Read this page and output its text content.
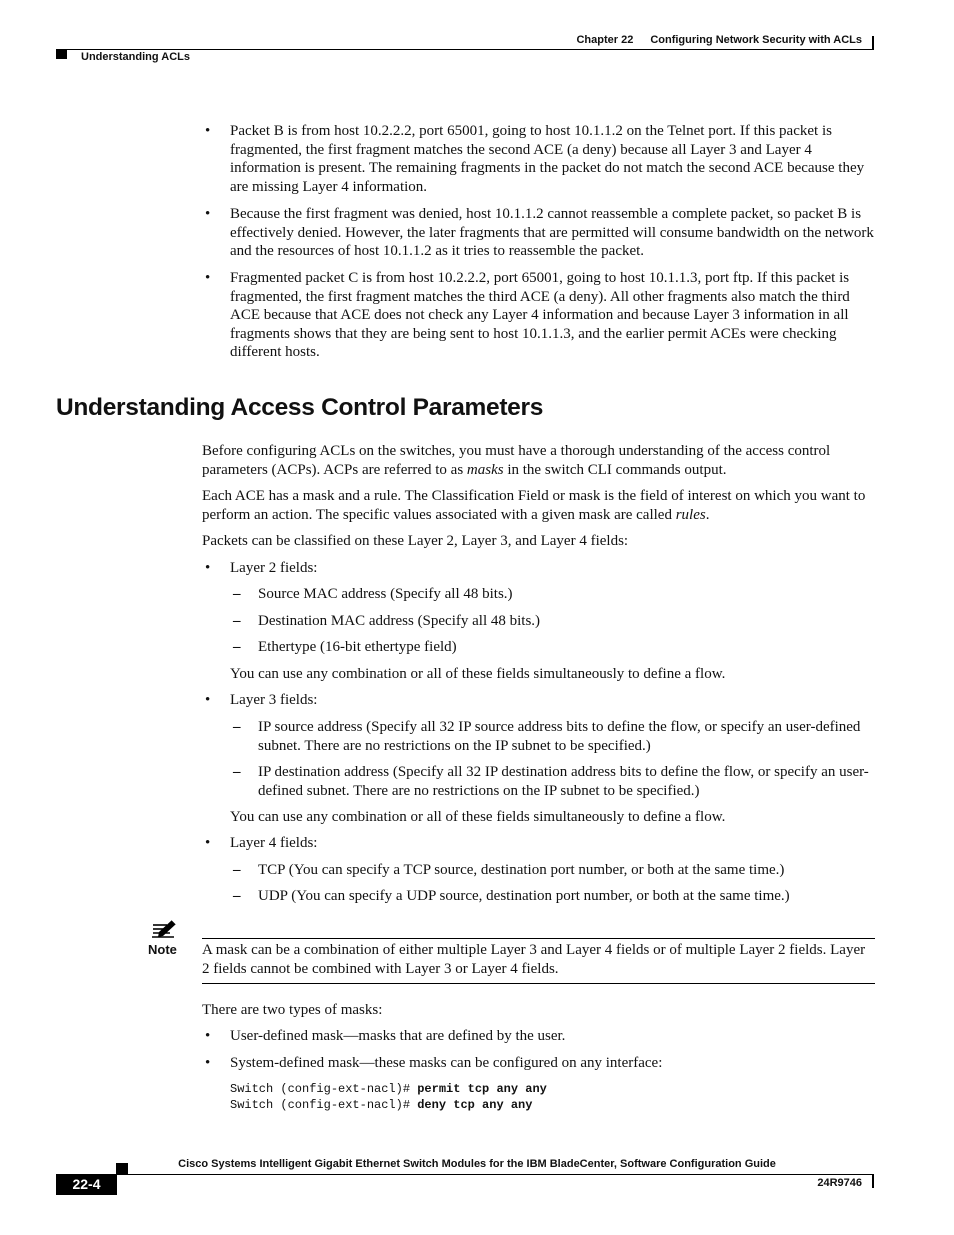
Chapter 22 Configuring Network Security with ACLs
Understanding ACLs
•	Packet B is from host 10.2.2.2, port 65001, going to host 10.1.1.2 on the Telnet port. If this packet is fragmented, the first fragment matches the second ACE (a deny) because all Layer 3 and Layer 4 information is present. The remaining fragments in the packet do not match the second ACE because they are missing Layer 4 information.
•	Because the first fragment was denied, host 10.1.1.2 cannot reassemble a complete packet, so packet B is effectively denied. However, the later fragments that are permitted will consume bandwidth on the network and the resources of host 10.1.1.2 as it tries to reassemble the packet.
•	Fragmented packet C is from host 10.2.2.2, port 65001, going to host 10.1.1.3, port ftp. If this packet is fragmented, the first fragment matches the third ACE (a deny). All other fragments also match the third ACE because that ACE does not check any Layer 4 information and because Layer 3 information in all fragments shows that they are being sent to host 10.1.1.3, and the earlier permit ACEs were checking different hosts.
Understanding Access Control Parameters

Before configuring ACLs on the switches, you must have a thorough understanding of the access control parameters (ACPs). ACPs are referred to as masks in the switch CLI commands output.

Each ACE has a mask and a rule. The Classification Field or mask is the field of interest on which you want to perform an action. The specific values associated with a given mask are called rules.

Packets can be classified on these Layer 2, Layer 3, and Layer 4 fields:

•	Layer 2 fields:
– Source MAC address (Specify all 48 bits.)
– Destination MAC address (Specify all 48 bits.)
– Ethertype (16-bit ethertype field)
You can use any combination or all of these fields simultaneously to define a flow.
•	Layer 3 fields:
– IP source address (Specify all 32 IP source address bits to define the flow, or specify an user-defined subnet. There are no restrictions on the IP subnet to be specified.)
– IP destination address (Specify all 32 IP destination address bits to define the flow, or specify an user-defined subnet. There are no restrictions on the IP subnet to be specified.)
You can use any combination or all of these fields simultaneously to define a flow.
•	Layer 4 fields:
– TCP (You can specify a TCP source, destination port number, or both at the same time.)
– UDP (You can specify a UDP source, destination port number, or both at the same time.)
Note A mask can be a combination of either multiple Layer 3 and Layer 4 fields or of multiple Layer 2 fields. Layer 2 fields cannot be combined with Layer 3 or Layer 4 fields.

There are two types of masks:

•	User-defined mask—masks that are defined by the user.
•	System-defined mask—these masks can be configured on any interface:
Switch (config-ext-nacl)# permit tcp any any
Switch (config-ext-nacl)# deny tcp any any
Cisco Systems Intelligent Gigabit Ethernet Switch Modules for the IBM BladeCenter, Software Configuration Guide
22-4	24R9746
